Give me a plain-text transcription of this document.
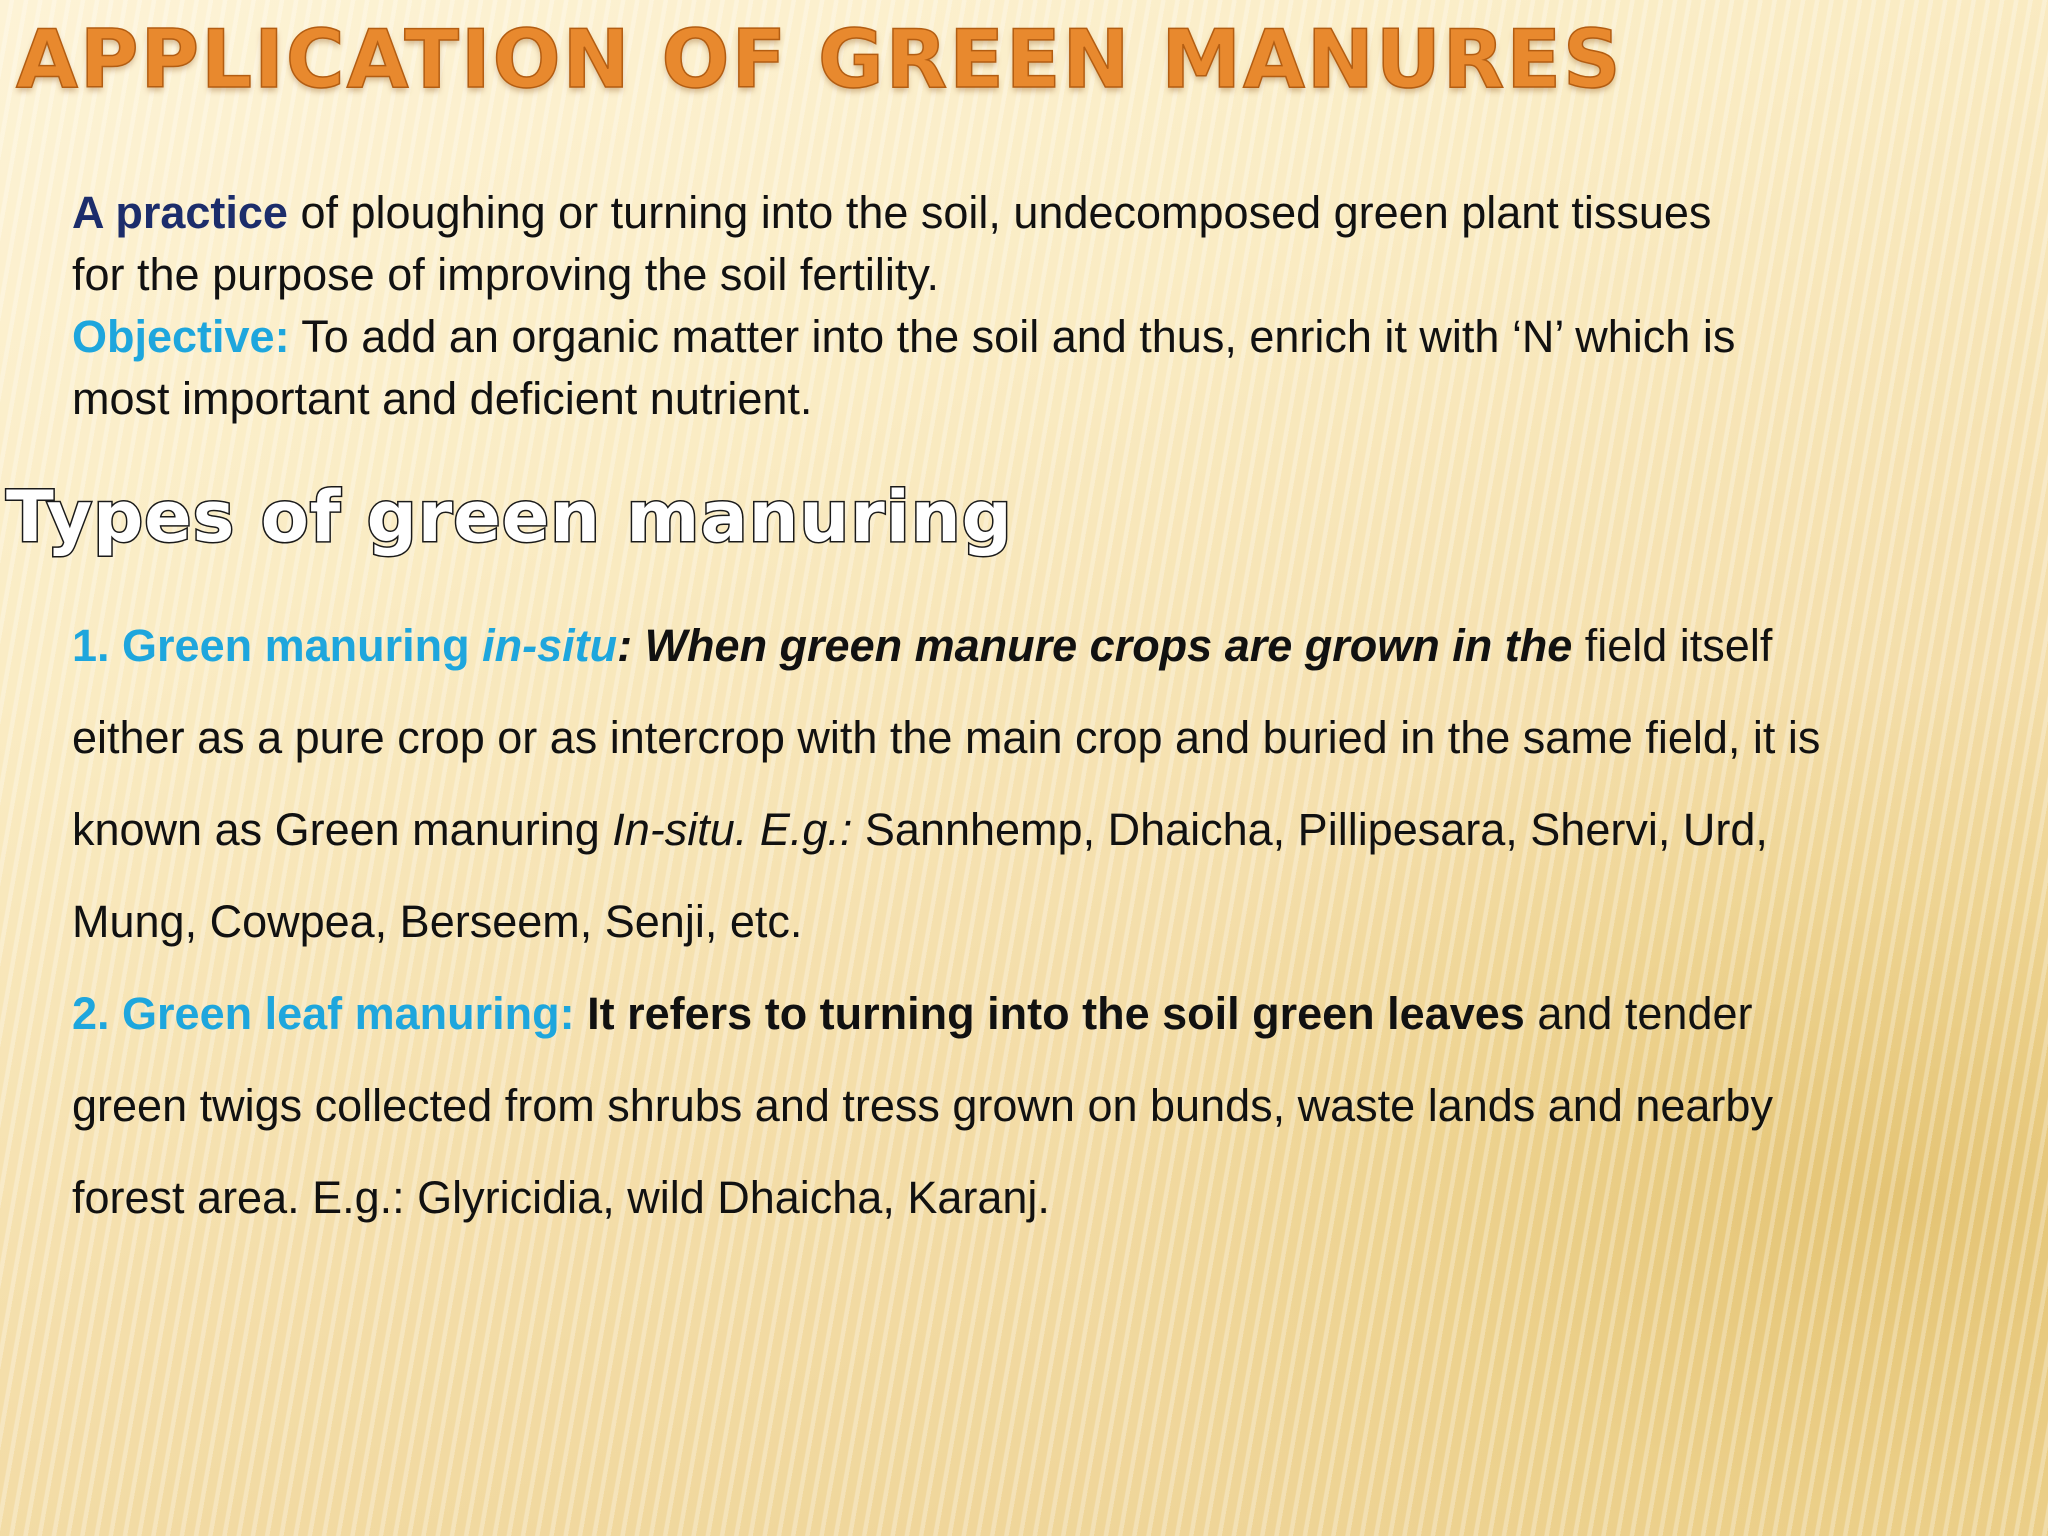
APPLICATION OF GREEN MANURES

A practice of ploughing or turning into the soil, undecomposed green plant tissues for the purpose of improving the soil fertility.

Objective: To add an organic matter into the soil and thus, enrich it with ‘N’ which is most important and deficient nutrient.

Types of green manuring

1. Green manuring in-situ: When green manure crops are grown in the field itself either as a pure crop or as intercrop with the main crop and buried in the same field, it is known as Green manuring In-situ. E.g.: Sannhemp, Dhaicha, Pillipesara, Shervi, Urd, Mung, Cowpea, Berseem, Senji, etc.

2. Green leaf manuring: It refers to turning into the soil green leaves and tender green twigs collected from shrubs and tress grown on bunds, waste lands and nearby forest area. E.g.: Glyricidia, wild Dhaicha, Karanj.
